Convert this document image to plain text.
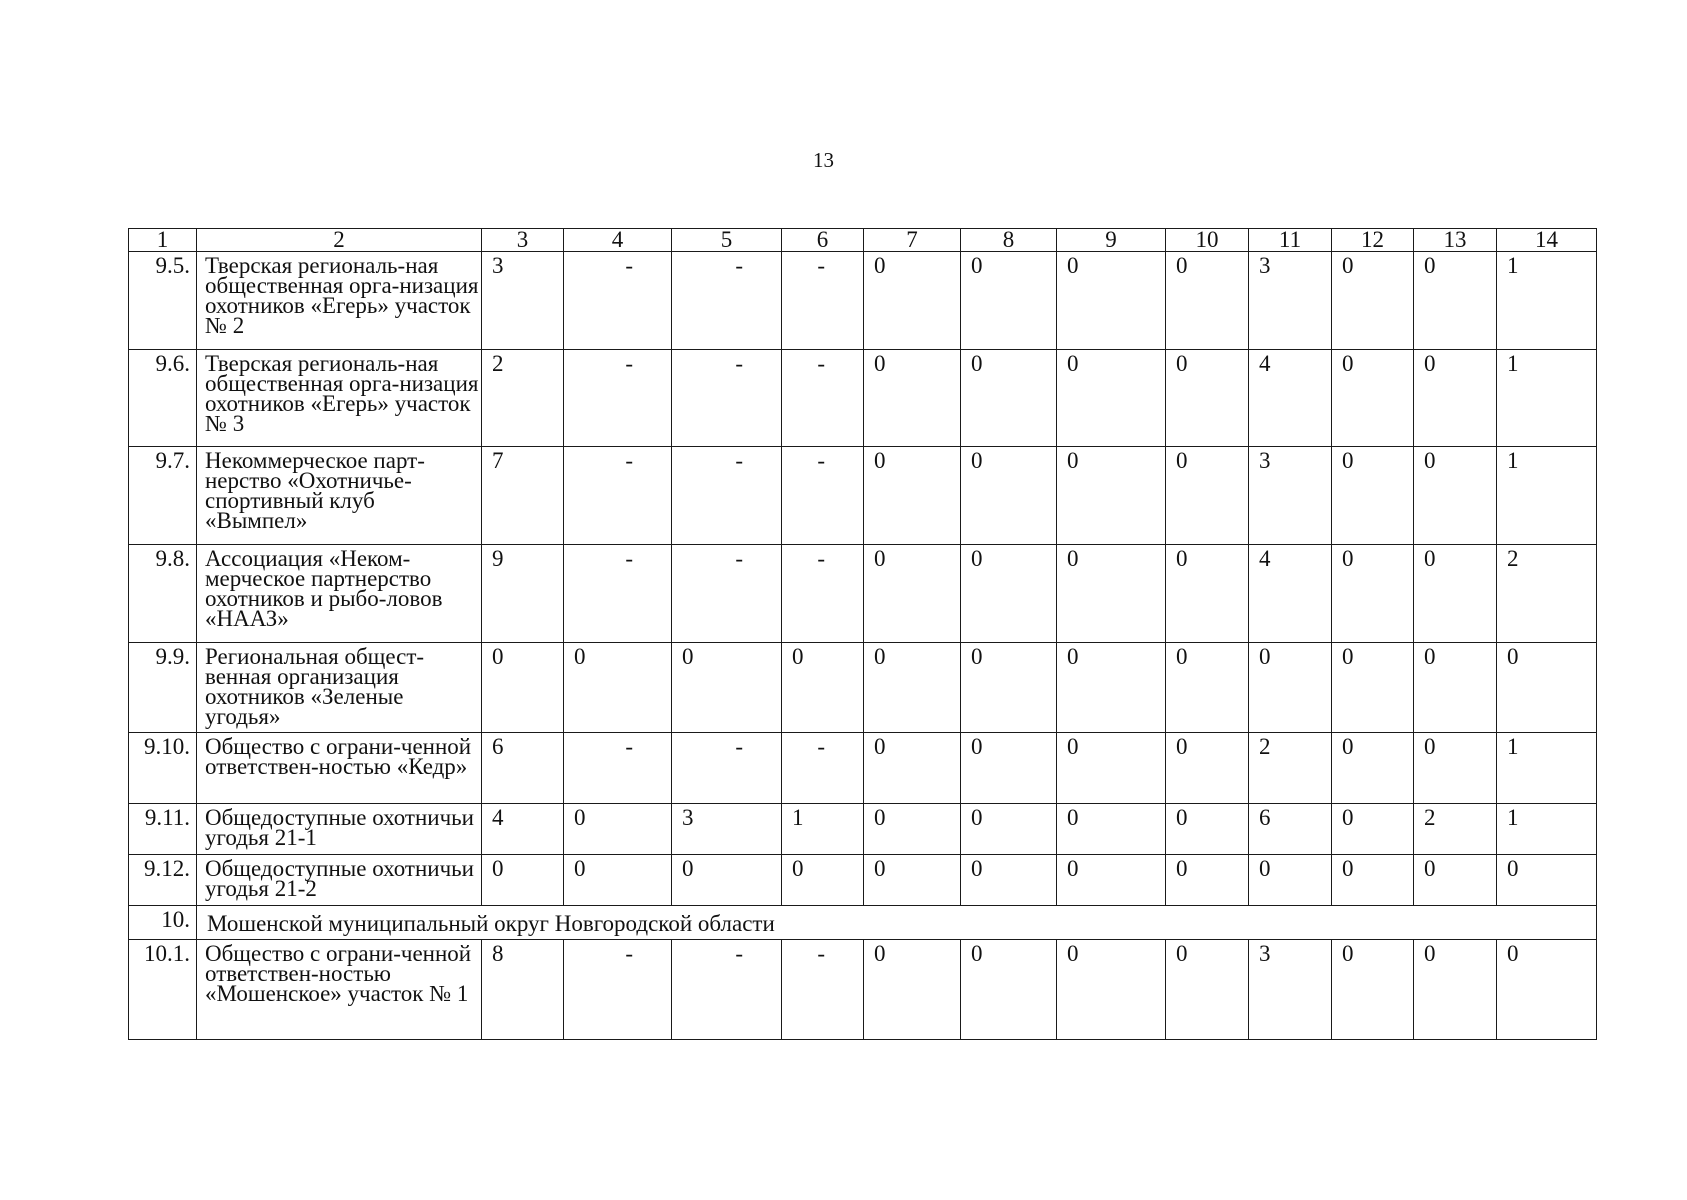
13
1	2	3	4	5	6	7	8	9	10	11	12	13	14
9.5.	Тверская региональ-ная общественная орга-низация охотников «Егерь» участок № 2	3	-	-	-	0	0	0	0	3	0	0	1
9.6.	Тверская региональ-ная общественная орга-низация охотников «Егерь» участок № 3	2	-	-	-	0	0	0	0	4	0	0	1
9.7.	Некоммерческое парт-нерство «Охотничье-спортивный клуб «Вымпел»	7	-	-	-	0	0	0	0	3	0	0	1
9.8.	Ассоциация «Неком-мерческое партнерство охотников и рыбо-ловов «НААЗ»	9	-	-	-	0	0	0	0	4	0	0	2
9.9.	Региональная общест-венная организация охотников «Зеленые угодья»	0	0	0	0	0	0	0	0	0	0	0	0
9.10.	Общество с ограни-ченной ответствен-ностью «Кедр»	6	-	-	-	0	0	0	0	2	0	0	1
9.11.	Общедоступные охотничьи угодья 21-1	4	0	3	1	0	0	0	0	6	0	2	1
9.12.	Общедоступные охотничьи угодья 21-2	0	0	0	0	0	0	0	0	0	0	0	0
10.	Мошенской муниципальный округ Новгородской области												
10.1.	Общество с ограни-ченной ответствен-ностью «Мошенское» участок № 1	8	-	-	-	0	0	0	0	3	0	0	0
